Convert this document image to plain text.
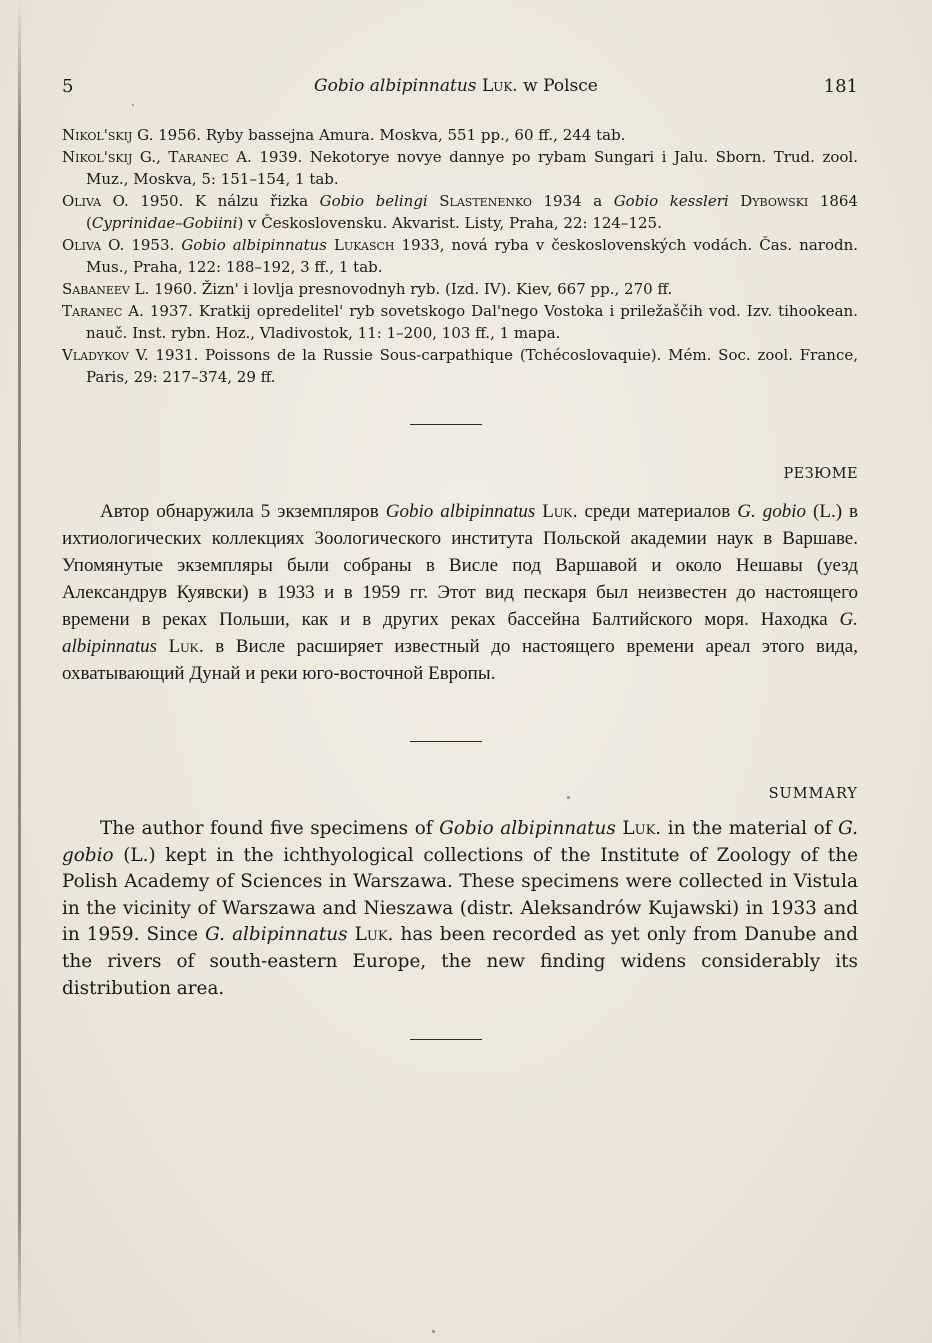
5	Gobio albipinnatus Luk. w Polsce	181

Nikol'skij G. 1956. Ryby bassejna Amura. Moskva, 551 pp., 60 ff., 244 tab.

Nikol'skij G., Taranec A. 1939. Nekotorye novye dannye po rybam Sungari i Jalu. Sborn. Trud. zool. Muz., Moskva, 5: 151–154, 1 tab.

Oliva O. 1950. K nálzu řizka Gobio belingi Slastenenko 1934 a Gobio kessleri Dybowski 1864 (Cyprinidae–Gobiini) v Československu. Akvarist. Listy, Praha, 22: 124–125.

Oliva O. 1953. Gobio albipinnatus Lukasch 1933, nová ryba v československých vodách. Čas. narodn. Mus., Praha, 122: 188–192, 3 ff., 1 tab.

Sabaneev L. 1960. Žizn' i lovlja presnovodnyh ryb. (Izd. IV). Kiev, 667 pp., 270 ff.

Taranec A. 1937. Kratkij opredelitel' ryb sovetskogo Dal'nego Vostoka i priležaščih vod. Izv. tihookean. nauč. Inst. rybn. Hoz., Vladivostok, 11: 1–200, 103 ff., 1 mapa.

Vladykov V. 1931. Poissons de la Russie Sous-carpathique (Tchécoslovaquie). Mém. Soc. zool. France, Paris, 29: 217–374, 29 ff.

РЕЗЮМЕ

Автор обнаружила 5 экземпляров Gobio albipinnatus Luk. среди материалов G. gobio (L.) в ихтиологических коллекциях Зоологического института Польской академии наук в Варшаве. Упомянутые экземпляры были собраны в Висле под Варшавой и около Нешавы (уезд Александрув Куявски) в 1933 и в 1959 гг. Этот вид пескаря был неизвестен до настоящего времени в реках Польши, как и в других реках бассейна Балтийского моря. Находка G. albipinnatus Luk. в Висле расширяет известный до настоящего времени ареал этого вида, охватывающий Дунай и реки юго-восточной Европы.

SUMMARY

The author found five specimens of Gobio albipinnatus Luk. in the material of G. gobio (L.) kept in the ichthyological collections of the Institute of Zoology of the Polish Academy of Sciences in Warszawa. These specimens were collected in Vistula in the vicinity of Warszawa and Nieszawa (distr. Aleksandrów Kujawski) in 1933 and in 1959. Since G. albipinnatus Luk. has been recorded as yet only from Danube and the rivers of south-eastern Europe, the new finding widens considerably its distribution area.
